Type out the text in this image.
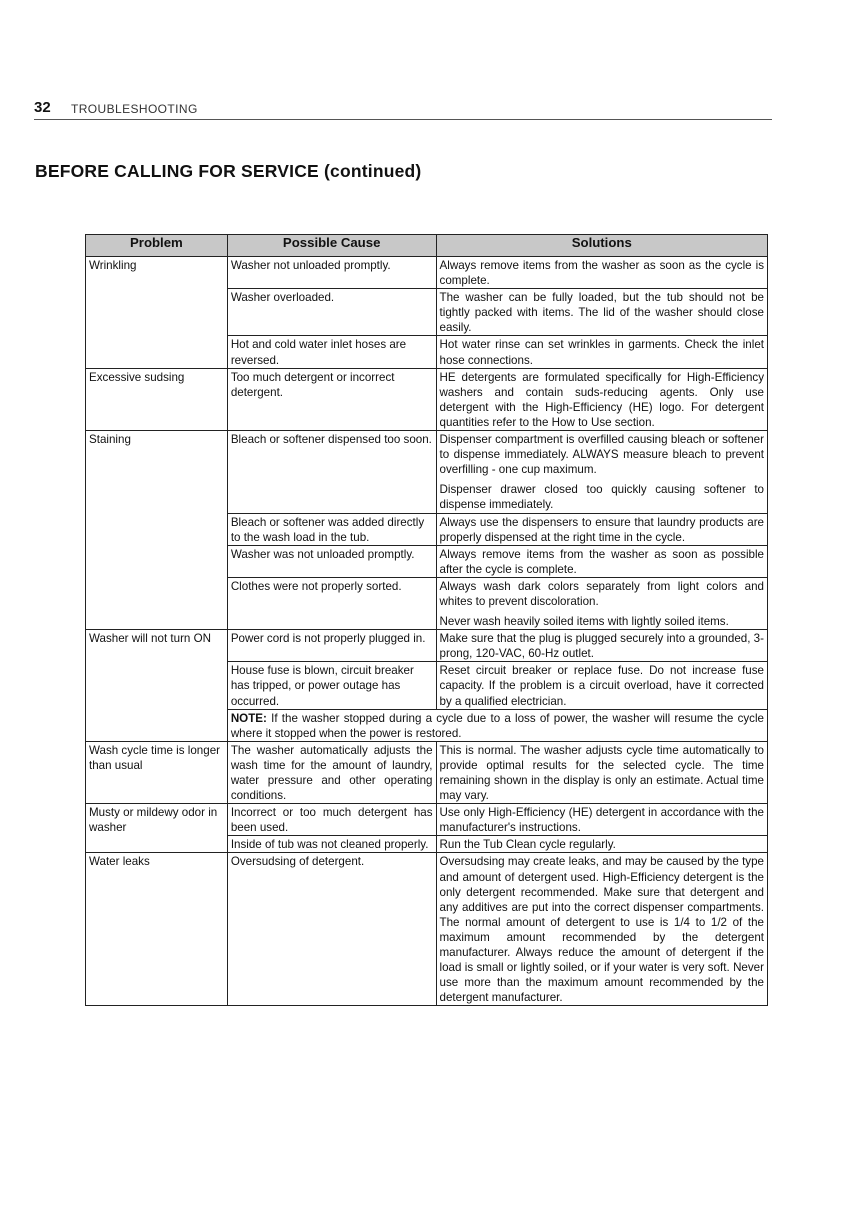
32 TROUBLESHOOTING
BEFORE CALLING FOR SERVICE (continued)
Problem	Possible Cause	Solutions
Wrinkling	Washer not unloaded promptly.	Always remove items from the washer as soon as the cycle is complete.
	Washer overloaded.	The washer can be fully loaded, but the tub should not be tightly packed with items. The lid of the washer should close easily.
	Hot and cold water inlet hoses are reversed.	Hot water rinse can set wrinkles in garments. Check the inlet hose connections.
Excessive sudsing	Too much detergent or incorrect detergent.	HE detergents are formulated specifically for High-Efficiency washers and contain suds-reducing agents. Only use detergent with the High-Efficiency (HE) logo. For detergent quantities refer to the How to Use section.
Staining	Bleach or softener dispensed too soon.	Dispenser compartment is overfilled causing bleach or softener to dispense immediately. ALWAYS measure bleach to prevent overfilling - one cup maximum.
Dispenser drawer closed too quickly causing softener to dispense immediately.

	Bleach or softener was added directly to the wash load in the tub.	Always use the dispensers to ensure that laundry products are properly dispensed at the right time in the cycle.
	Washer was not unloaded promptly.	Always remove items from the washer as soon as possible after the cycle is complete.
	Clothes were not properly sorted.	Always wash dark colors separately from light colors and whites to prevent discoloration.
Never wash heavily soiled items with lightly soiled items.

Washer will not turn ON	Power cord is not properly plugged in.	Make sure that the plug is plugged securely into a grounded, 3-prong, 120-VAC, 60-Hz outlet.
	House fuse is blown, circuit breaker has tripped, or power outage has occurred.	Reset circuit breaker or replace fuse. Do not increase fuse capacity. If the problem is a circuit overload, have it corrected by a qualified electrician.
	NOTE: If the washer stopped during a cycle due to a loss of power, the washer will resume the cycle where it stopped when the power is restored.	
Wash cycle time is longer than usual	The washer automatically adjusts the wash time for the amount of laundry, water pressure and other operating conditions.	This is normal. The washer adjusts cycle time automatically to provide optimal results for the selected cycle. The time remaining shown in the display is only an estimate. Actual time may vary.
Musty or mildewy odor in washer	Incorrect or too much detergent has been used.	Use only High-Efficiency (HE) detergent in accordance with the manufacturer's instructions.
	Inside of tub was not cleaned properly.	Run the Tub Clean cycle regularly.
Water leaks	Oversudsing of detergent.	Oversudsing may create leaks, and may be caused by the type and amount of detergent used. High-Efficiency detergent is the only detergent recommended. Make sure that detergent and any additives are put into the correct dispenser compartments. The normal amount of detergent to use is 1/4 to 1/2 of the maximum amount recommended by the detergent manufacturer. Always reduce the amount of detergent if the load is small or lightly soiled, or if your water is very soft. Never use more than the maximum amount recommended by the detergent manufacturer.
